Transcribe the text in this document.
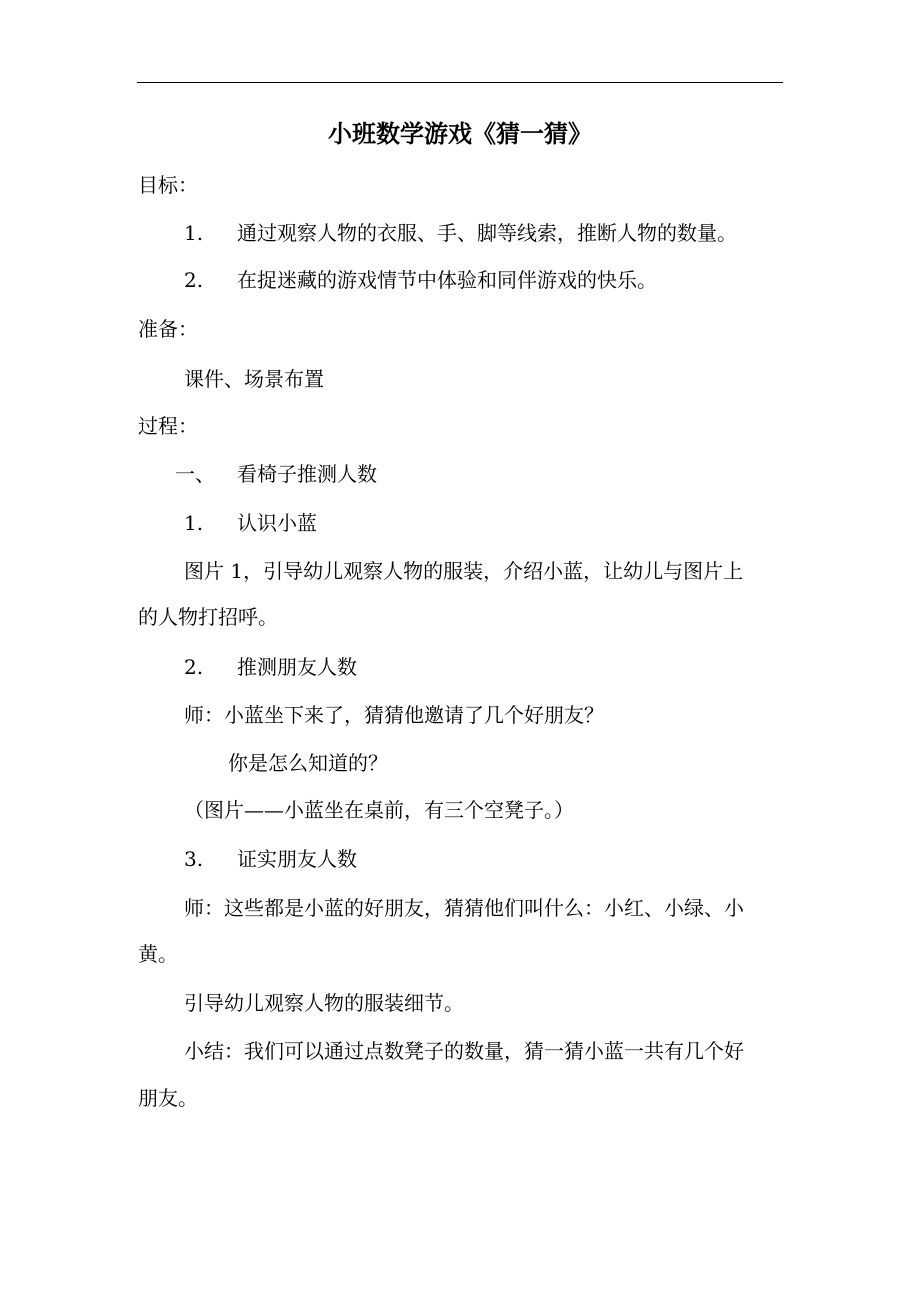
小班数学游戏《猜一猜》
目标：
1. 通过观察人物的衣服、手、脚等线索，推断人物的数量。
2. 在捉迷藏的游戏情节中体验和同伴游戏的快乐。
准备：
课件、场景布置
过程：
一、 看椅子推测人数
1. 认识小蓝
图片 1，引导幼儿观察人物的服装，介绍小蓝，让幼儿与图片上
的人物打招呼。
2. 推测朋友人数
师：小蓝坐下来了，猜猜他邀请了几个好朋友？
你是怎么知道的？
（图片——小蓝坐在桌前，有三个空凳子。）
3. 证实朋友人数
师：这些都是小蓝的好朋友，猜猜他们叫什么：小红、小绿、小
黄。
引导幼儿观察人物的服装细节。
小结：我们可以通过点数凳子的数量，猜一猜小蓝一共有几个好
朋友。
